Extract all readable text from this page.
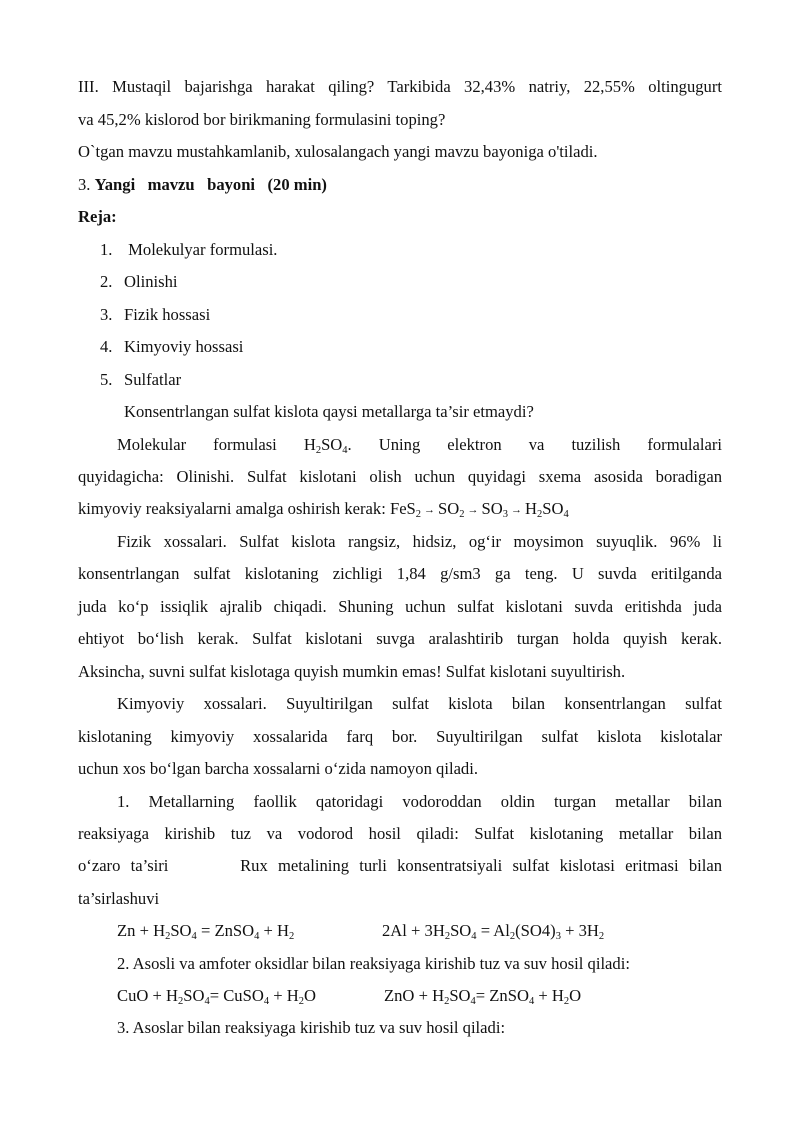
III. Mustaqil bajarishga harakat qiling? Tarkibida 32,43% natriy, 22,55% oltingugurt
va 45,2% kislorod bor birikmaning formulasini toping?
O`tgan mavzu mustahkamlanib, xulosalangach yangi mavzu bayoniga o'tiladi.
3. Yangi   mavzu   bayoni   (20 min)
Reja:
1. Molekulyar formulasi.
2. Olinishi
3. Fizik hossasi
4. Kimyoviy hossasi
5. Sulfatlar
Konsentrlangan sulfat kislota qaysi metallarga ta’sir etmaydi?
Molekular formulasi $H_2SO_4$. Uning elektron va tuzilish formulalari
quyidagicha: Olinishi. Sulfat kislotani olish uchun quyidagi sxema asosida boradigan
kimyoviy reaksiyalarni amalga oshirish kerak: $FeS_2 \to SO_2 \to SO_3 \to H_2SO_4$
Fizik xossalari. Sulfat kislota rangsiz, hidsiz, og‘ir moysimon suyuqlik. 96% li
konsentrlangan sulfat kislotaning zichligi 1,84 g/sm3 ga teng. U suvda eritilganda
juda ko‘p issiqlik ajralib chiqadi. Shuning uchun sulfat kislotani suvda eritishda juda
ehtiyot bo‘lish kerak. Sulfat kislotani suvga aralashtirib turgan holda quyish kerak.
Aksincha, suvni sulfat kislotaga quyish mumkin emas! Sulfat kislotani suyultirish.
Kimyoviy xossalari. Suyultirilgan sulfat kislota bilan konsentrlangan sulfat
kislotaning kimyoviy xossalarida farq bor. Suyultirilgan sulfat kislota kislotalar
uchun xos bo‘lgan barcha xossalarni o‘zida namoyon qiladi.
1. Metallarning faollik qatoridagi vodoroddan oldin turgan metallar bilan
reaksiyaga kirishib tuz va vodorod hosil qiladi: Sulfat kislotaning metallar bilan
o‘zaro ta’siri       Rux metalining turli konsentratsiyali sulfat kislotasi eritmasi bilan
ta’sirlashuvi
$Zn + H_2SO_4$ = ZnSO$_4$ + $H_2$	$2Al + 3H_2SO_4 = Al_2(SO4)_3 + 3H_2$
2. Asosli va amfoter oksidlar bilan reaksiyaga kirishib tuz va suv hosil qiladi:
CuO + $H_2SO_4=$ CuSO$_4$ + $H_2O$	ZnO + $H_2SO_4=$ ZnSO$_4$ + $H_2O$
3. Asoslar bilan reaksiyaga kirishib tuz va suv hosil qiladi:
